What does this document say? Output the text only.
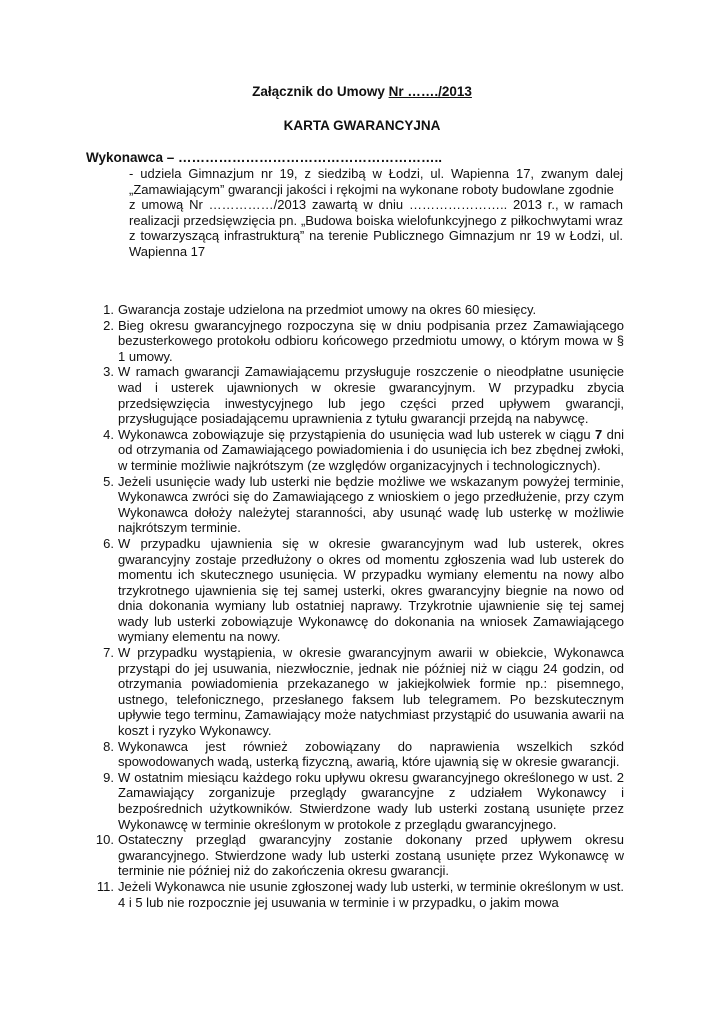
Załącznik do Umowy Nr ……./2013
KARTA GWARANCYJNA
Wykonawca – …………………………………………………..

- udziela Gimnazjum nr 19, z siedzibą w Łodzi, ul. Wapienna 17, zwanym dalej „Zamawiającym” gwarancji jakości i rękojmi na wykonane roboty budowlane zgodnie

z umową Nr ……………/2013 zawartą w dniu ………………….. 2013 r., w ramach realizacji przedsięwzięcia pn. „Budowa boiska wielofunkcyjnego z piłkochwytami wraz z towarzyszącą infrastrukturą” na terenie Publicznego Gimnazjum nr 19 w Łodzi, ul. Wapienna 17

1. Gwarancja zostaje udzielona na przedmiot umowy na okres 60 miesięcy.
2. Bieg okresu gwarancyjnego rozpoczyna się w dniu podpisania przez Zamawiającego bezusterkowego protokołu odbioru końcowego przedmiotu umowy, o którym mowa w § 1 umowy.
3. W ramach gwarancji Zamawiającemu przysługuje roszczenie o nieodpłatne usunięcie wad i usterek ujawnionych w okresie gwarancyjnym. W przypadku zbycia przedsięwzięcia inwestycyjnego lub jego części przed upływem gwarancji, przysługujące posiadającemu uprawnienia z tytułu gwarancji przejdą na nabywcę.
4. Wykonawca zobowiązuje się przystąpienia do usunięcia wad lub usterek w ciągu 7 dni od otrzymania od Zamawiającego powiadomienia i do usunięcia ich bez zbędnej zwłoki, w terminie możliwie najkrótszym (ze względów organizacyjnych i technologicznych).
5. Jeżeli usunięcie wady lub usterki nie będzie możliwe we wskazanym powyżej terminie, Wykonawca zwróci się do Zamawiającego z wnioskiem o jego przedłużenie, przy czym Wykonawca dołoży należytej staranności, aby usunąć wadę lub usterkę w możliwie najkrótszym terminie.
6. W przypadku ujawnienia się w okresie gwarancyjnym wad lub usterek, okres gwarancyjny zostaje przedłużony o okres od momentu zgłoszenia wad lub usterek do momentu ich skutecznego usunięcia. W przypadku wymiany elementu na nowy albo trzykrotnego ujawnienia się tej samej usterki, okres gwarancyjny biegnie na nowo od dnia dokonania wymiany lub ostatniej naprawy. Trzykrotnie ujawnienie się tej samej wady lub usterki zobowiązuje Wykonawcę do dokonania na wniosek Zamawiającego wymiany elementu na nowy.
7. W przypadku wystąpienia, w okresie gwarancyjnym awarii w obiekcie, Wykonawca przystąpi do jej usuwania, niezwłocznie, jednak nie później niż w ciągu 24 godzin, od otrzymania powiadomienia przekazanego w jakiejkolwiek formie np.: pisemnego, ustnego, telefonicznego, przesłanego faksem lub telegramem. Po bezskutecznym upływie tego terminu, Zamawiający może natychmiast przystąpić do usuwania awarii na koszt i ryzyko Wykonawcy.
8. Wykonawca jest również zobowiązany do naprawienia wszelkich szkód spowodowanych wadą, usterką fizyczną, awarią, które ujawnią się w okresie gwarancji.
9. W ostatnim miesiącu każdego roku upływu okresu gwarancyjnego określonego w ust. 2 Zamawiający zorganizuje przeglądy gwarancyjne z udziałem Wykonawcy i bezpośrednich użytkowników. Stwierdzone wady lub usterki zostaną usunięte przez Wykonawcę w terminie określonym w protokole z przeglądu gwarancyjnego.
10. Ostateczny przegląd gwarancyjny zostanie dokonany przed upływem okresu gwarancyjnego. Stwierdzone wady lub usterki zostaną usunięte przez Wykonawcę w terminie nie później niż do zakończenia okresu gwarancji.
11. Jeżeli Wykonawca nie usunie zgłoszonej wady lub usterki, w terminie określonym w ust. 4 i 5 lub nie rozpocznie jej usuwania w terminie i w przypadku, o jakim mowa
